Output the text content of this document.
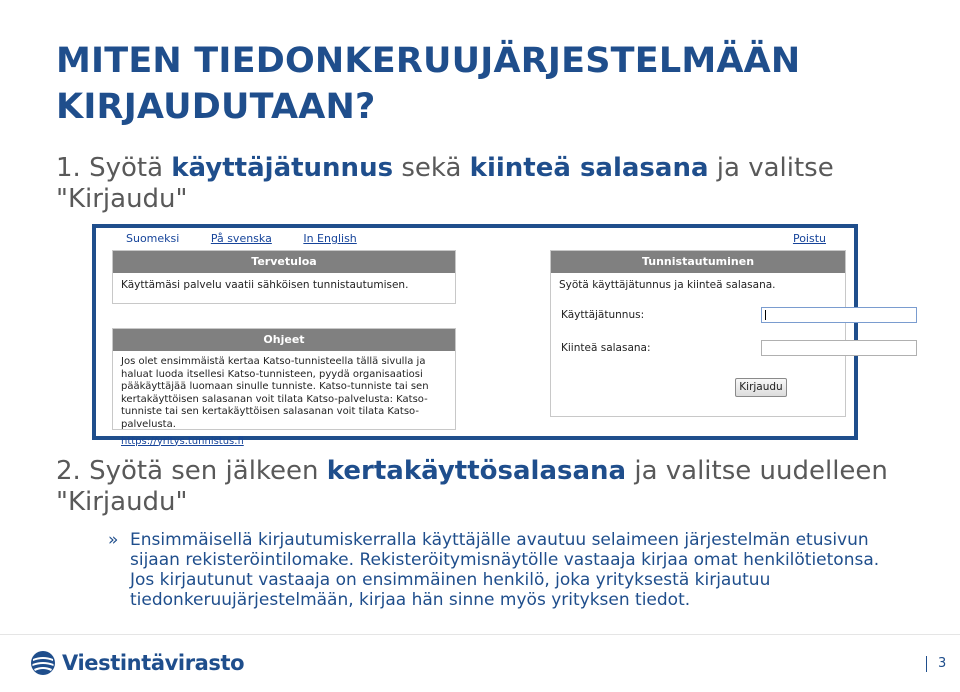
MITEN TIEDONKERUUJÄRJESTELMÄÄN KIRJAUDUTAAN?

1. Syötä käyttäjätunnus sekä kiinteä salasana ja valitse "Kirjaudu"

Suomeksi	På svenska	In English	Poistu
Tervetuloa
Käyttämäsi palvelu vaatii sähköisen tunnistautumisen.
Ohjeet
Jos olet ensimmäistä kertaa Katso-tunnisteella tällä sivulla ja haluat luoda itsellesi Katso-tunnisteen, pyydä organisaatiosi pääkäyttäjää luomaan sinulle tunniste. Katso-tunniste tai sen kertakäyttöisen salasanan voit tilata Katso-palvelusta: Katso-tunniste tai sen kertakäyttöisen salasanan voit tilata Katso-palvelusta.
https://yritys.tunnistus.fi
Tunnistautuminen
Syötä käyttäjätunnus ja kiinteä salasana.
Käyttäjätunnus:
Kiinteä salasana:
Kirjaudu

2. Syötä sen jälkeen kertakäyttösalasana ja valitse uudelleen "Kirjaudu"

» Ensimmäisellä kirjautumiskerralla käyttäjälle avautuu selaimeen järjestelmän etusivun sijaan rekisteröintilomake. Rekisteröitymisnäytölle vastaaja kirjaa omat henkilötietonsa. Jos kirjautunut vastaaja on ensimmäinen henkilö, joka yrityksestä kirjautuu tiedonkeruujärjestelmään, kirjaa hän sinne myös yrityksen tiedot.
Viestintävirasto	3
